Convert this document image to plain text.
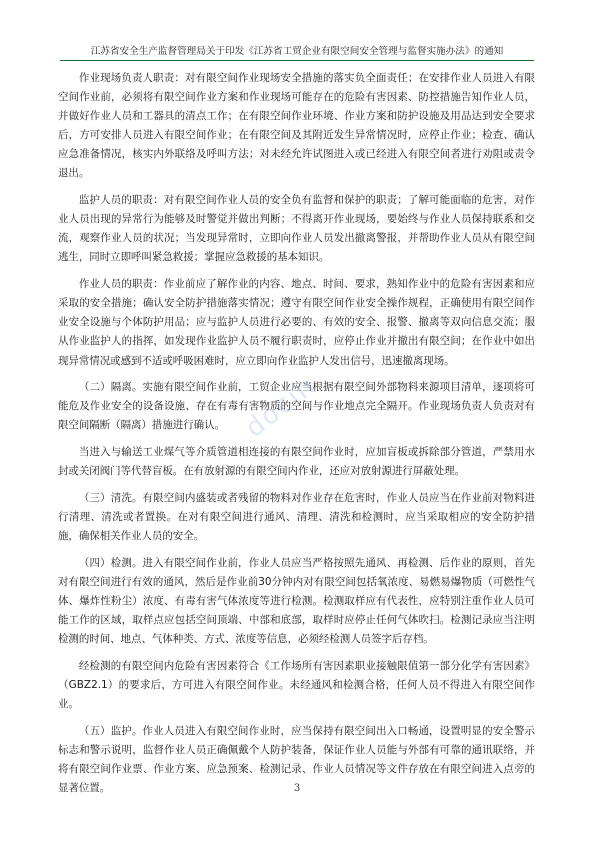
江苏省安全生产监督管理局关于印发《江苏省工贸企业有限空间安全管理与监督实施办法》的通知

作业现场负责人职责：对有限空间作业现场安全措施的落实负全面责任；在安排作业人员进入有限空间作业前，必须将有限空间作业方案和作业现场可能存在的危险有害因素、防控措施告知作业人员，并做好作业人员和工器具的清点工作；在有限空间作业环境、作业方案和防护设施及用品达到安全要求后，方可安排人员进入有限空间作业；在有限空间及其附近发生异常情况时，应停止作业；检查、确认应急准备情况，核实内外联络及呼叫方法；对未经允许试图进入或已经进入有限空间者进行劝阻或责令退出。

监护人员的职责：对有限空间作业人员的安全负有监督和保护的职责；了解可能面临的危害，对作业人员出现的异常行为能够及时警觉并做出判断；不得离开作业现场，要始终与作业人员保持联系和交流，观察作业人员的状况；当发现异常时，立即向作业人员发出撤离警报，并帮助作业人员从有限空间逃生，同时立即呼叫紧急救援；掌握应急救援的基本知识。

作业人员的职责：作业前应了解作业的内容、地点、时间、要求，熟知作业中的危险有害因素和应采取的安全措施；确认安全防护措施落实情况；遵守有限空间作业安全操作规程，正确使用有限空间作业安全设施与个体防护用品；应与监护人员进行必要的、有效的安全、报警、撤离等双向信息交流；服从作业监护人的指挥，如发现作业监护人员不履行职责时，应停止作业并撤出有限空间；在作业中如出现异常情况或感到不适或呼吸困难时，应立即向作业监护人发出信号，迅速撤离现场。

（二）隔离。实施有限空间作业前，工贸企业应当根据有限空间外部物料来源项目清单，逐项将可能危及作业安全的设备设施、存在有毒有害物质的空间与作业地点完全隔开。作业现场负责人负责对有限空间隔断（隔离）措施进行确认。

当进入与输送工业煤气等介质管道相连接的有限空间作业时，应加盲板或拆除部分管道，严禁用水封或关闭阀门等代替盲板。在有放射源的有限空间内作业，还应对放射源进行屏蔽处理。

（三）清洗。有限空间内盛装或者残留的物料对作业存在危害时，作业人员应当在作业前对物料进行清理、清洗或者置换。在对有限空间进行通风、清理、清洗和检测时，应当采取相应的安全防护措施，确保相关作业人员的安全。

（四）检测。进入有限空间作业前，作业人员应当严格按照先通风、再检测、后作业的原则，首先对有限空间进行有效的通风，然后是作业前30分钟内对有限空间包括氧浓度、易燃易爆物质（可燃性气体、爆炸性粉尘）浓度、有毒有害气体浓度等进行检测。检测取样应有代表性，应特别注重作业人员可能工作的区域，取样点应包括空间顶端、中部和底部，取样时应停止任何气体吹扫。检测记录应当注明检测的时间、地点、气体种类、方式、浓度等信息，必须经检测人员签字后存档。

经检测的有限空间内危险有害因素符合《工作场所有害因素职业接触限值第一部分化学有害因素》（GBZ2.1）的要求后，方可进入有限空间作业。未经通风和检测合格，任何人员不得进入有限空间作业。

（五）监护。作业人员进入有限空间作业时，应当保持有限空间出入口畅通，设置明显的安全警示标志和警示说明，监督作业人员正确佩戴个人防护装备，保证作业人员能与外部有可靠的通讯联络，并将有限空间作业票、作业方案、应急预案、检测记录、作业人员情况等文件存放在有限空间进入点旁的显著位置。

docin
3
